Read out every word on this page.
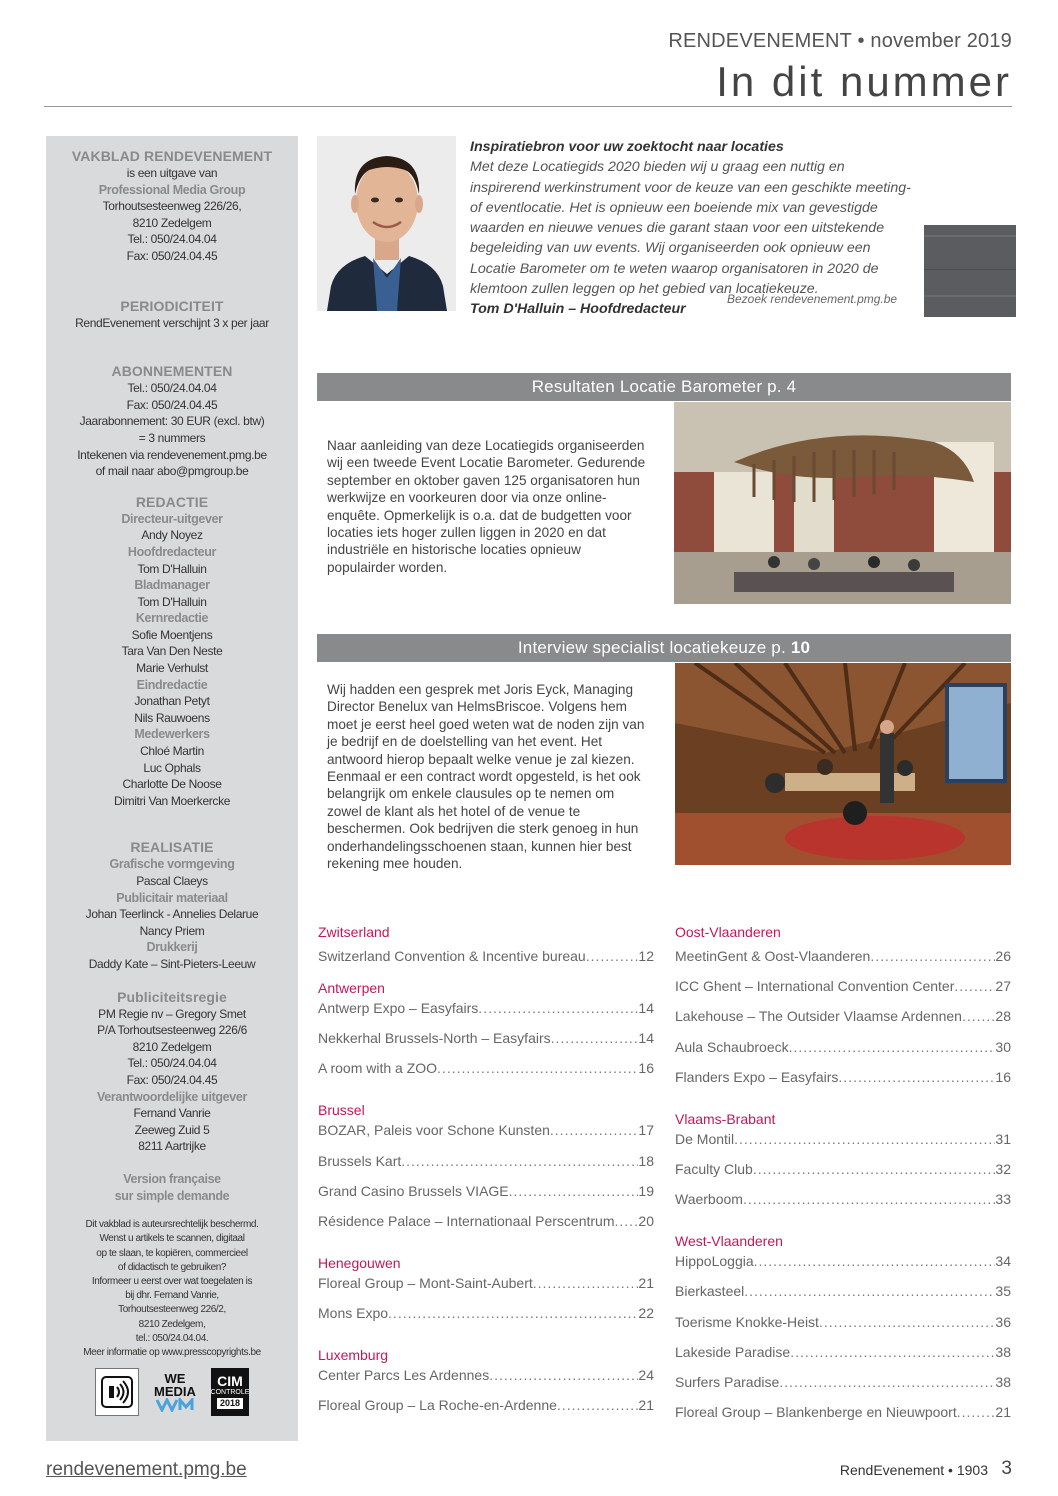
RENDEVENEMENT • november 2019
In dit nummer
VAKBLAD RENDEVENEMENT
is een uitgave van
Professional Media Group
Torhoutsesteenweg 226/26,
8210 Zedelgem
Tel.: 050/24.04.04
Fax: 050/24.04.45
PERIODICITEIT
RendEvenement verschijnt 3 x per jaar
ABONNEMENTEN
Tel.: 050/24.04.04
Fax: 050/24.04.45
Jaarabonnement: 30 EUR (excl. btw)
= 3 nummers
Intekenen via rendevenement.pmg.be
of mail naar abo@pmgroup.be
REDACTIE
Directeur-uitgever
Andy Noyez
Hoofdredacteur
Tom D'Halluin
Bladmanager
Tom D'Halluin
Kernredactie
Sofie Moentjens
Tara Van Den Neste
Marie Verhulst
Eindredactie
Jonathan Petyt
Nils Rauwoens
Medewerkers
Chloé Martin
Luc Ophals
Charlotte De Noose
Dimitri Van Moerkercke
REALISATIE
Grafische vormgeving
Pascal Claeys
Publicitair materiaal
Johan Teerlinck - Annelies Delarue
Nancy Priem
Drukkerij
Daddy Kate – Sint-Pieters-Leeuw
Publiciteitsregie
PM Regie nv – Gregory Smet
P/A Torhoutsesteenweg 226/6
8210 Zedelgem
Tel.: 050/24.04.04
Fax: 050/24.04.45
Verantwoordelijke uitgever
Fernand Vanrie
Zeeweg Zuid 5
8211 Aartrijke
Version française
sur simple demande
Dit vakblad is auteursrechtelijk beschermd.
Wenst u artikels te scannen, digitaal
op te slaan, te kopiëren, commercieel
of didactisch te gebruiken?
Informeer u eerst over wat toegelaten is
bij dhr. Fernand Vanrie,
Torhoutsesteenweg 226/2,
8210 Zedelgem,
tel.: 050/24.04.04.
Meer informatie op www.presscopyrights.be
WE
MEDIA
CIM
CONTROLE
2018
Inspiratiebron voor uw zoektocht naar locaties
Met deze Locatiegids 2020 bieden wij u graag een nuttig en inspirerend werkinstrument voor de keuze van een geschikte meeting- of eventlocatie. Het is opnieuw een boeiende mix van gevestigde waarden en nieuwe venues die garant staan voor een uitstekende begeleiding van uw events. Wij organiseerden ook opnieuw een Locatie Barometer om te weten waarop organisatoren in 2020 de klemtoon zullen leggen op het gebied van locatiekeuze.
Tom D'Halluin – Hoofdredacteur
Bezoek rendevenement.pmg.be
Resultaten Locatie Barometer p. 4
Naar aanleiding van deze Locatiegids organiseerden wij een tweede Event Locatie Barometer. Gedurende september en oktober gaven 125 organisatoren hun werkwijze en voorkeuren door via onze online-enquête. Opmerkelijk is o.a. dat de budgetten voor locaties iets hoger zullen liggen in 2020 en dat industriële en historische locaties opnieuw populairder worden.
Interview specialist locatiekeuze p. 10
Wij hadden een gesprek met Joris Eyck, Managing Director Benelux van HelmsBriscoe. Volgens hem moet je eerst heel goed weten wat de noden zijn van je bedrijf en de doelstelling van het event. Het antwoord hierop bepaalt welke venue je zal kiezen. Eenmaal er een contract wordt opgesteld, is het ook belangrijk om enkele clausules op te nemen om zowel de klant als het hotel of de venue te beschermen. Ook bedrijven die sterk genoeg in hun onderhandelingsschoenen staan, kunnen hier best rekening mee houden.
Zwitserland
Switzerland Convention & Incentive bureau .....	12
Antwerpen
Antwerp Expo – Easyfairs .....	14
Nekkerhal Brussels-North – Easyfairs .....	14
A room with a ZOO .....	16
Brussel
BOZAR, Paleis voor Schone Kunsten .....	17
Brussels Kart .....	18
Grand Casino Brussels VIAGE .....	19
Résidence Palace – Internationaal Perscentrum ..... 20
Henegouwen
Floreal Group – Mont-Saint-Aubert .....	21
Mons Expo .....	22
Luxemburg
Center Parcs Les Ardennes .....	24
Floreal Group – La Roche-en-Ardenne .....	21
Oost-Vlaanderen
MeetinGent & Oost-Vlaanderen .....	26
ICC Ghent – International Convention Center .....	27
Lakehouse – The Outsider Vlaamse Ardennen ..... 28
Aula Schaubroeck .....	30
Flanders Expo – Easyfairs .....	16
Vlaams-Brabant
De Montil .....	31
Faculty Club .....	32
Waerboom .....	33
West-Vlaanderen
HippoLoggia .....	34
Bierkasteel .....	35
Toerisme Knokke-Heist .....	36
Lakeside Paradise .....	38
Surfers Paradise .....	38
Floreal Group – Blankenberge en Nieuwpoort .....	21
rendevenement.pmg.be	RendEvenement • 1903 3
